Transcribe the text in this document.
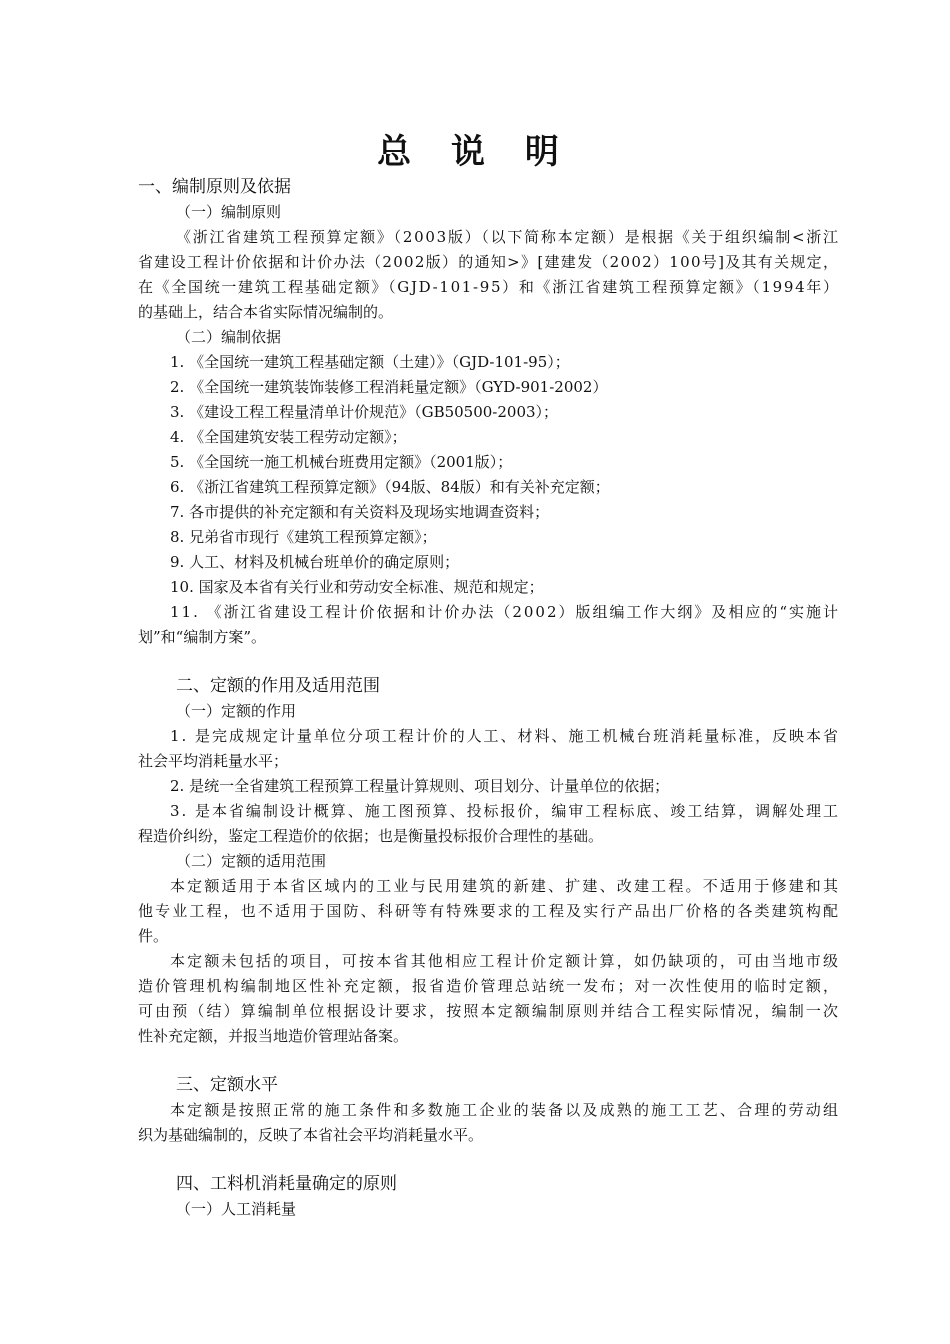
总 说 明

一、编制原则及依据

（一）编制原则

《浙江省建筑工程预算定额》（2003版）（以下简称本定额）是根据《关于组织编制<浙江

省建设工程计价依据和计价办法（2002版）的通知>》[建建发（2002）100号]及其有关规定，

在《全国统一建筑工程基础定额》（GJD-101-95）和《浙江省建筑工程预算定额》（1994年）

的基础上，结合本省实际情况编制的。

（二）编制依据

1. 《全国统一建筑工程基础定额（土建）》（GJD-101-95）；

2. 《全国统一建筑装饰装修工程消耗量定额》（GYD-901-2002）

3. 《建设工程工程量清单计价规范》（GB50500-2003）；

4. 《全国建筑安装工程劳动定额》；

5. 《全国统一施工机械台班费用定额》（2001版）；

6. 《浙江省建筑工程预算定额》（94版、84版）和有关补充定额；

7. 各市提供的补充定额和有关资料及现场实地调查资料；

8. 兄弟省市现行《建筑工程预算定额》；

9. 人工、材料及机械台班单价的确定原则；

10. 国家及本省有关行业和劳动安全标准、规范和规定；

11. 《浙江省建设工程计价依据和计价办法（2002）版组编工作大纲》及相应的“实施计

划”和“编制方案”。

二、定额的作用及适用范围

（一）定额的作用

1. 是完成规定计量单位分项工程计价的人工、材料、施工机械台班消耗量标准，反映本省

社会平均消耗量水平；

2. 是统一全省建筑工程预算工程量计算规则、项目划分、计量单位的依据；

3. 是本省编制设计概算、施工图预算、投标报价，编审工程标底、竣工结算，调解处理工

程造价纠纷，鉴定工程造价的依据；也是衡量投标报价合理性的基础。

（二）定额的适用范围

本定额适用于本省区域内的工业与民用建筑的新建、扩建、改建工程。不适用于修建和其

他专业工程，也不适用于国防、科研等有特殊要求的工程及实行产品出厂价格的各类建筑构配

件。

本定额未包括的项目，可按本省其他相应工程计价定额计算，如仍缺项的，可由当地市级

造价管理机构编制地区性补充定额，报省造价管理总站统一发布；对一次性使用的临时定额，

可由预（结）算编制单位根据设计要求，按照本定额编制原则并结合工程实际情况，编制一次

性补充定额，并报当地造价管理站备案。

三、定额水平

本定额是按照正常的施工条件和多数施工企业的装备以及成熟的施工工艺、合理的劳动组

织为基础编制的，反映了本省社会平均消耗量水平。

四、工料机消耗量确定的原则

（一）人工消耗量
